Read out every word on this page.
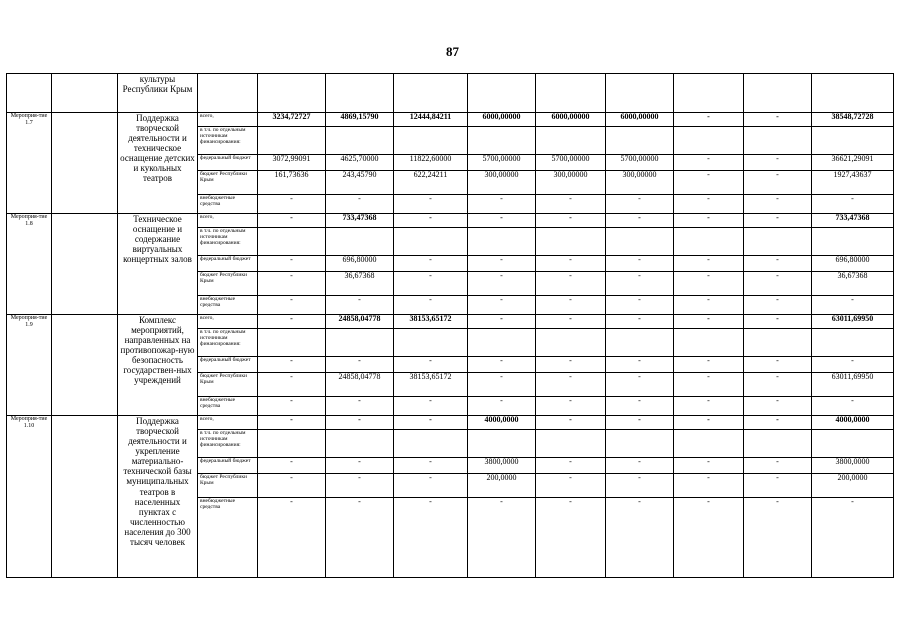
87
		культуры Республики Крым										
Мероприя-тие 1.7		Поддержка творческой деятельности и техническое оснащение детских и кукольных театров	всего,	3234,72727	4869,15790	12444,84211	6000,00000	6000,00000	6000,00000	-	-	38548,72728
			в т.ч. по отдельным источникам финансирования:									
			федеральный бюджет	3072,99091	4625,70000	11822,60000	5700,00000	5700,00000	5700,00000	-	-	36621,29091
			бюджет Республики Крым	161,73636	243,45790	622,24211	300,00000	300,00000	300,00000	-	-	1927,43637
			внебюджетные средства	-	-	-	-	-	-	-	-	-
Мероприя-тие 1.8		Техническое оснащение и содержание виртуальных концертных залов	всего,	-	733,47368	-	-	-	-	-	-	733,47368
			в т.ч. по отдельным источникам финансирования:									
			федеральный бюджет	-	696,80000	-	-	-	-	-	-	696,80000
			бюджет Республики Крым	-	36,67368	-	-	-	-	-	-	36,67368
			внебюджетные средства	-	-	-	-	-	-	-	-	-
Мероприя-тие 1.9		Комплекс мероприятий, направленных на противопожар-ную безопасность государствен-ных учреждений	всего,	-	24858,04778	38153,65172	-	-	-	-	-	63011,69950
			в т.ч. по отдельным источникам финансирования:									
			федеральный бюджет	-	-	-	-	-	-	-	-	-
			бюджет Республики Крым	-	24858,04778	38153,65172	-	-	-	-	-	63011,69950
			внебюджетные средства	-	-	-	-	-	-	-	-	-
Мероприя-тие 1.10		Поддержка творческой деятельности и укрепление материально-технической базы муниципальных театров в населенных пунктах с численностью населения до 300 тысяч человек	всего,	-	-	-	4000,0000	-	-	-	-	4000,0000
			в т.ч. по отдельным источникам финансирования:									
			федеральный бюджет	-	-	-	3800,0000	-	-	-	-	3800,0000
			бюджет Республики Крым	-	-	-	200,0000	-	-	-	-	200,0000
			внебюджетные средства	-	-	-	-	-	-	-	-	-
